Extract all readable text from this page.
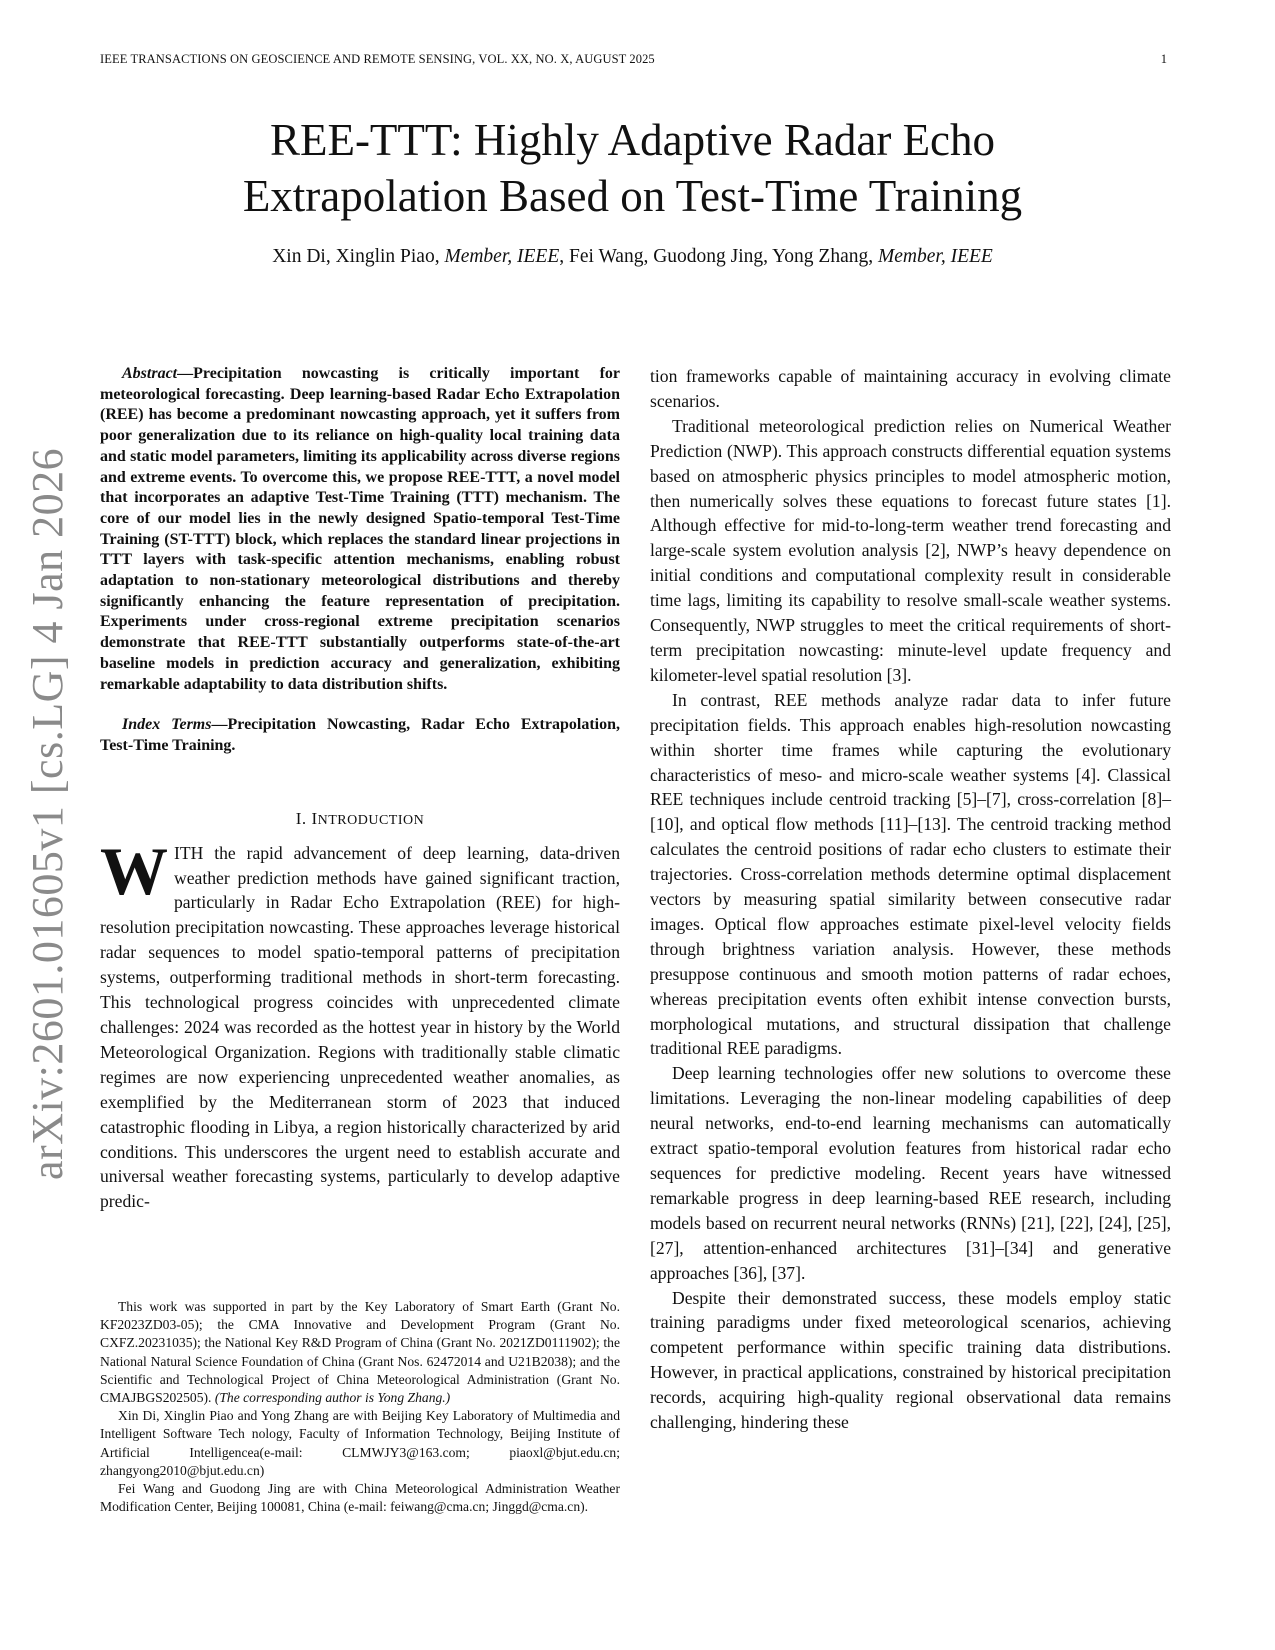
IEEE TRANSACTIONS ON GEOSCIENCE AND REMOTE SENSING, VOL. XX, NO. X, AUGUST 2025	1
REE-TTT: Highly Adaptive Radar Echo
Extrapolation Based on Test-Time Training
Xin Di, Xinglin Piao, Member, IEEE, Fei Wang, Guodong Jing, Yong Zhang, Member, IEEE
arXiv:2601.01605v1 [cs.LG] 4 Jan 2026

Abstract—Precipitation nowcasting is critically important for meteorological forecasting. Deep learning-based Radar Echo Extrapolation (REE) has become a predominant nowcasting approach, yet it suffers from poor generalization due to its reliance on high-quality local training data and static model parameters, limiting its applicability across diverse regions and extreme events. To overcome this, we propose REE-TTT, a novel model that incorporates an adaptive Test-Time Training (TTT) mechanism. The core of our model lies in the newly designed Spatio-temporal Test-Time Training (ST-TTT) block, which replaces the standard linear projections in TTT layers with task-specific attention mechanisms, enabling robust adaptation to non-stationary meteorological distributions and thereby significantly enhancing the feature representation of precipitation. Experiments under cross-regional extreme precipitation scenarios demonstrate that REE-TTT substantially outperforms state-of-the-art baseline models in prediction accuracy and generalization, exhibiting remarkable adaptability to data distribution shifts.

Index Terms—Precipitation Nowcasting, Radar Echo Extrapolation, Test-Time Training.

I. INTRODUCTION

WITH the rapid advancement of deep learning, data-driven weather prediction methods have gained significant traction, particularly in Radar Echo Extrapolation (REE) for high-resolution precipitation nowcasting. These approaches leverage historical radar sequences to model spatio-temporal patterns of precipitation systems, outperforming traditional methods in short-term forecasting. This technological progress coincides with unprecedented climate challenges: 2024 was recorded as the hottest year in history by the World Meteorological Organization. Regions with traditionally stable climatic regimes are now experiencing unprecedented weather anomalies, as exemplified by the Mediterranean storm of 2023 that induced catastrophic flooding in Libya, a region historically characterized by arid conditions. This underscores the urgent need to establish accurate and universal weather forecasting systems, particularly to develop adaptive predic-

This work was supported in part by the Key Laboratory of Smart Earth (Grant No. KF2023ZD03-05); the CMA Innovative and Development Program (Grant No. CXFZ.20231035); the National Key R&D Program of China (Grant No. 2021ZD0111902); the National Natural Science Foundation of China (Grant Nos. 62472014 and U21B2038); and the Scientific and Technological Project of China Meteorological Administration (Grant No. CMAJBGS202505). (The corresponding author is Yong Zhang.)

Xin Di, Xinglin Piao and Yong Zhang are with Beijing Key Laboratory of Multimedia and Intelligent Software Tech nology, Faculty of Information Technology, Beijing Institute of Artificial Intelligencea(e-mail: CLMWJY3@163.com; piaoxl@bjut.edu.cn; zhangyong2010@bjut.edu.cn)

Fei Wang and Guodong Jing are with China Meteorological Administration Weather Modification Center, Beijing 100081, China (e-mail: feiwang@cma.cn; Jinggd@cma.cn).

tion frameworks capable of maintaining accuracy in evolving climate scenarios.

Traditional meteorological prediction relies on Numerical Weather Prediction (NWP). This approach constructs differential equation systems based on atmospheric physics principles to model atmospheric motion, then numerically solves these equations to forecast future states [1]. Although effective for mid-to-long-term weather trend forecasting and large-scale system evolution analysis [2], NWP’s heavy dependence on initial conditions and computational complexity result in considerable time lags, limiting its capability to resolve small-scale weather systems. Consequently, NWP struggles to meet the critical requirements of short-term precipitation nowcasting: minute-level update frequency and kilometer-level spatial resolution [3].

In contrast, REE methods analyze radar data to infer future precipitation fields. This approach enables high-resolution nowcasting within shorter time frames while capturing the evolutionary characteristics of meso- and micro-scale weather systems [4]. Classical REE techniques include centroid tracking [5]–[7], cross-correlation [8]–[10], and optical flow methods [11]–[13]. The centroid tracking method calculates the centroid positions of radar echo clusters to estimate their trajectories. Cross-correlation methods determine optimal displacement vectors by measuring spatial similarity between consecutive radar images. Optical flow approaches estimate pixel-level velocity fields through brightness variation analysis. However, these methods presuppose continuous and smooth motion patterns of radar echoes, whereas precipitation events often exhibit intense convection bursts, morphological mutations, and structural dissipation that challenge traditional REE paradigms.

Deep learning technologies offer new solutions to overcome these limitations. Leveraging the non-linear modeling capabilities of deep neural networks, end-to-end learning mechanisms can automatically extract spatio-temporal evolution features from historical radar echo sequences for predictive modeling. Recent years have witnessed remarkable progress in deep learning-based REE research, including models based on recurrent neural networks (RNNs) [21], [22], [24], [25], [27], attention-enhanced architectures [31]–[34] and generative approaches [36], [37].

Despite their demonstrated success, these models employ static training paradigms under fixed meteorological scenarios, achieving competent performance within specific training data distributions. However, in practical applications, constrained by historical precipitation records, acquiring high-quality regional observational data remains challenging, hindering these
